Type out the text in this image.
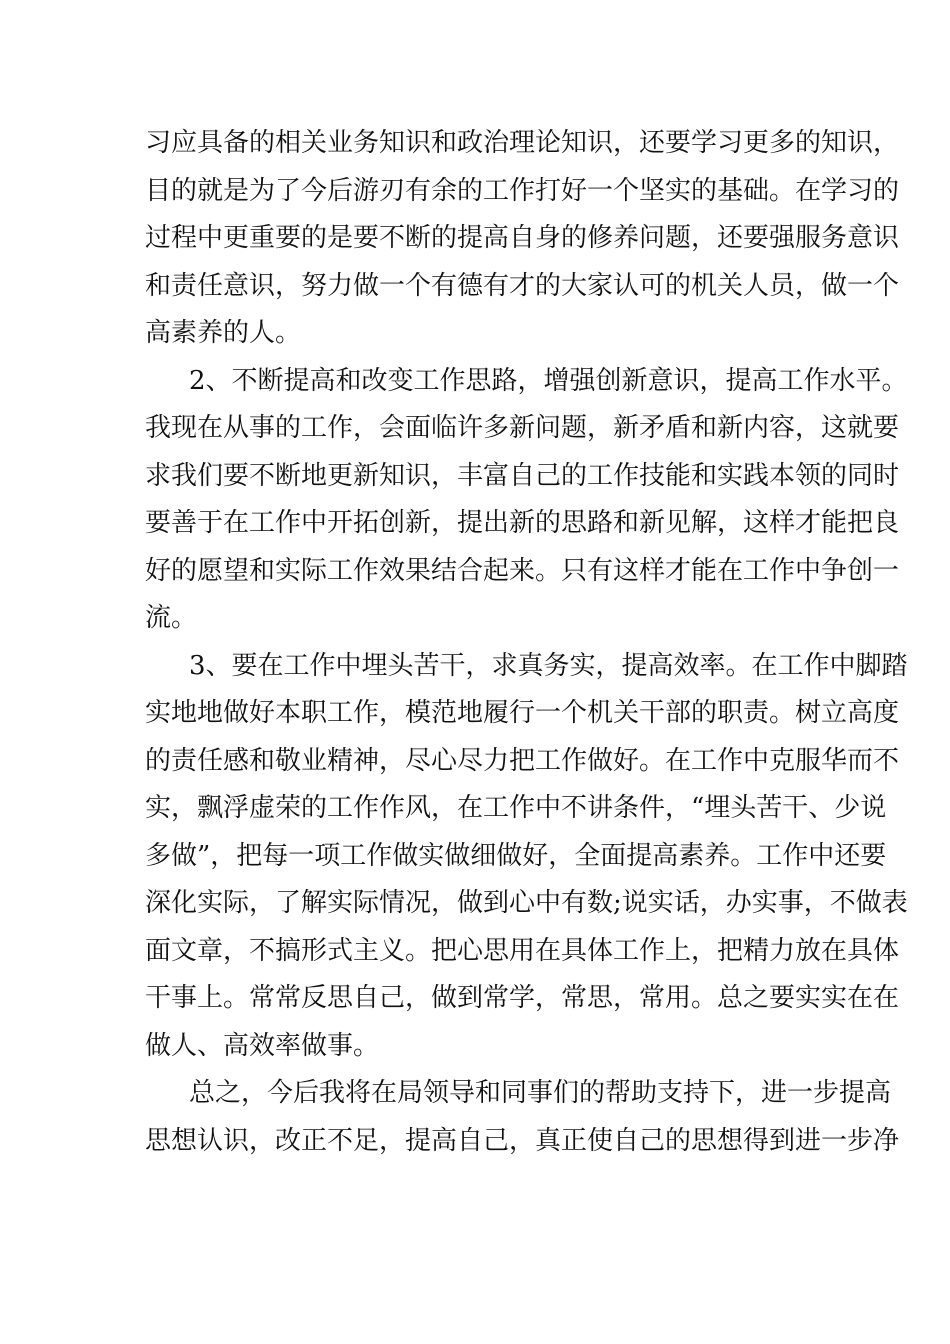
习应具备的相关业务知识和政治理论知识，还要学习更多的知识，
目的就是为了今后游刃有余的工作打好一个坚实的基础。在学习的
过程中更重要的是要不断的提高自身的修养问题，还要强服务意识
和责任意识，努力做一个有德有才的大家认可的机关人员，做一个
高素养的人。
2、不断提高和改变工作思路，增强创新意识，提高工作水平。
我现在从事的工作，会面临许多新问题，新矛盾和新内容，这就要
求我们要不断地更新知识，丰富自己的工作技能和实践本领的同时
要善于在工作中开拓创新，提出新的思路和新见解，这样才能把良
好的愿望和实际工作效果结合起来。只有这样才能在工作中争创一
流。
3、要在工作中埋头苦干，求真务实，提高效率。在工作中脚踏
实地地做好本职工作，模范地履行一个机关干部的职责。树立高度
的责任感和敬业精神，尽心尽力把工作做好。在工作中克服华而不
实，飘浮虚荣的工作作风，在工作中不讲条件，“埋头苦干、少说
多做”，把每一项工作做实做细做好，全面提高素养。工作中还要
深化实际，了解实际情况，做到心中有数;说实话，办实事，不做表
面文章，不搞形式主义。把心思用在具体工作上，把精力放在具体
干事上。常常反思自己，做到常学，常思，常用。总之要实实在在
做人、高效率做事。
总之，今后我将在局领导和同事们的帮助支持下，进一步提高
思想认识，改正不足，提高自己，真正使自己的思想得到进一步净
